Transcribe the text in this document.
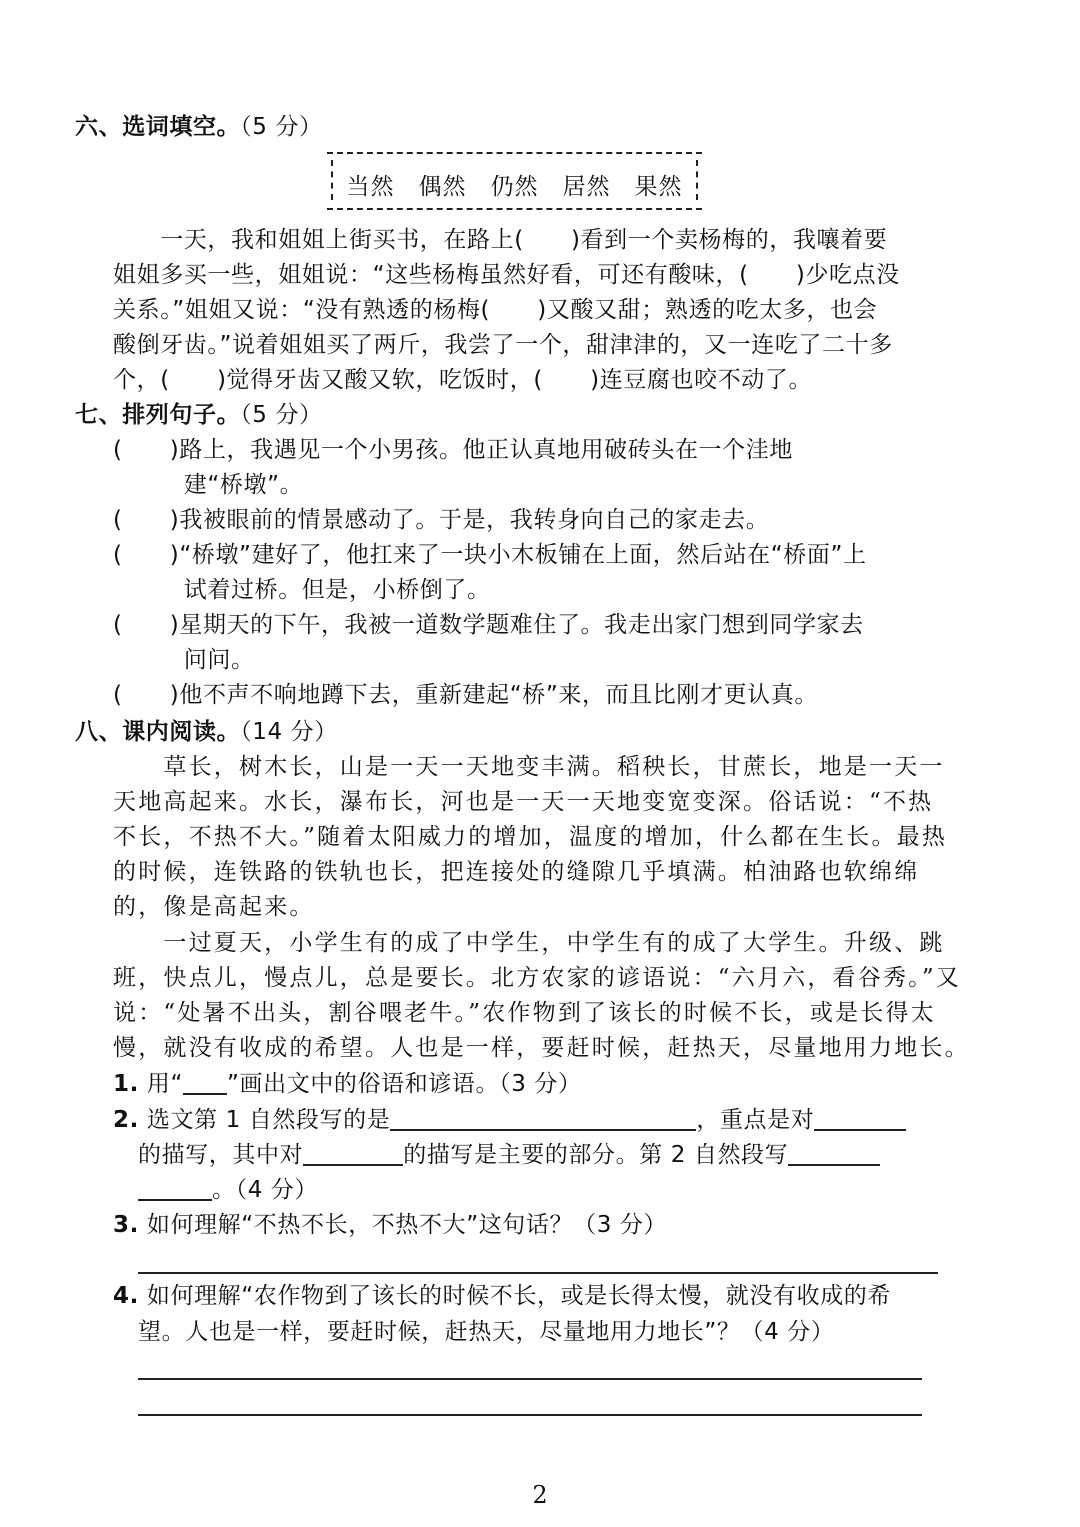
六、选词填空。（5 分）
当然　偶然　仍然　居然　果然
　　一天，我和姐姐上街买书，在路上(　　)看到一个卖杨梅的，我嚷着要
姐姐多买一些，姐姐说：“这些杨梅虽然好看，可还有酸味，(　　)少吃点没
关系。”姐姐又说：“没有熟透的杨梅(　　)又酸又甜；熟透的吃太多，也会
酸倒牙齿。”说着姐姐买了两斤，我尝了一个，甜津津的，又一连吃了二十多
个，(　　)觉得牙齿又酸又软，吃饭时，(　　)连豆腐也咬不动了。
七、排列句子。（5 分）
(　　)路上，我遇见一个小男孩。他正认真地用破砖头在一个洼地
　　　建“桥墩”。
(　　)我被眼前的情景感动了。于是，我转身向自己的家走去。
(　　)“桥墩”建好了，他扛来了一块小木板铺在上面，然后站在“桥面”上
　　　试着过桥。但是，小桥倒了。
(　　)星期天的下午，我被一道数学题难住了。我走出家门想到同学家去
　　　问问。
(　　)他不声不响地蹲下去，重新建起“桥”来，而且比刚才更认真。
八、课内阅读。（14 分）
　　草长，树木长，山是一天一天地变丰满。稻秧长，甘蔗长，地是一天一
天地高起来。水长，瀑布长，河也是一天一天地变宽变深。俗话说：“不热
不长，不热不大。”随着太阳威力的增加，温度的增加，什么都在生长。最热
的时候，连铁路的铁轨也长，把连接处的缝隙几乎填满。柏油路也软绵绵
的，像是高起来。
　　一过夏天，小学生有的成了中学生，中学生有的成了大学生。升级、跳
班，快点儿，慢点儿，总是要长。北方农家的谚语说：“六月六，看谷秀。”又
说：“处暑不出头，割谷喂老牛。”农作物到了该长的时候不长，或是长得太
慢，就没有收成的希望。人也是一样，要赶时候，赶热天，尽量地用力地长。
1. 用“ ”画出文中的俗语和谚语。（3 分）
2. 选文第 1 自然段写的是	，重点是对
的描写，其中对	的描写是主要的部分。第 2 自然段写
。（4 分）
3. 如何理解“不热不长，不热不大”这句话？（3 分）
4. 如何理解“农作物到了该长的时候不长，或是长得太慢，就没有收成的希
望。人也是一样，要赶时候，赶热天，尽量地用力地长”？（4 分）
2
